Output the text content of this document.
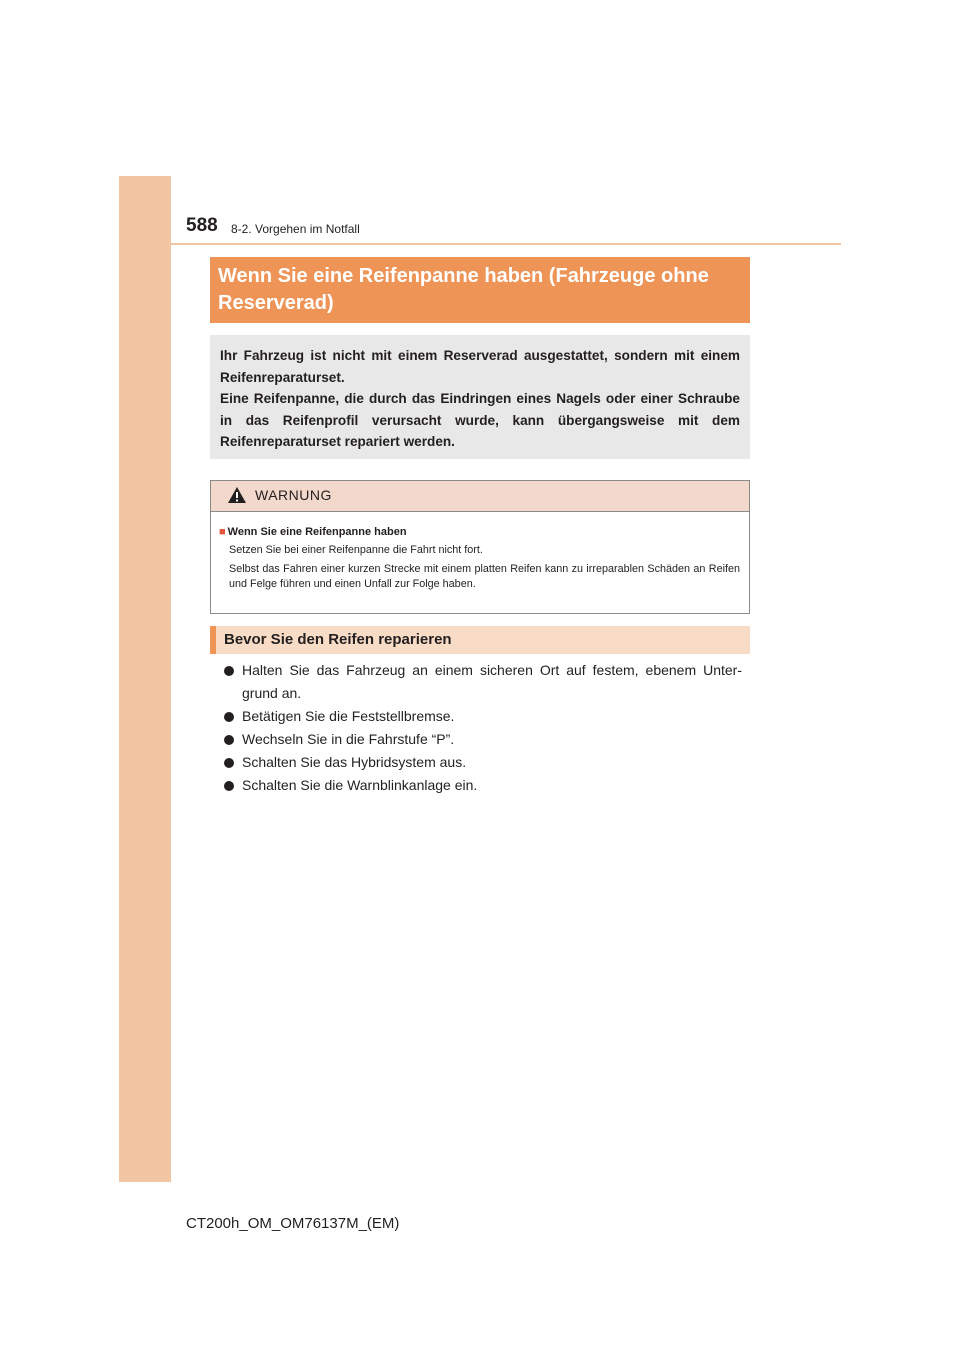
588 8-2. Vorgehen im Notfall
Wenn Sie eine Reifenpanne haben (Fahrzeuge ohne Reserverad)

Ihr Fahrzeug ist nicht mit einem Reserverad ausgestattet, sondern mit einem Reifenreparaturset.

Eine Reifenpanne, die durch das Eindringen eines Nagels oder einer Schraube in das Reifenprofil verursacht wurde, kann übergangsweise mit dem Reifenreparaturset repariert werden.

WARNUNG
■ Wenn Sie eine Reifenpanne haben

Setzen Sie bei einer Reifenpanne die Fahrt nicht fort.

Selbst das Fahren einer kurzen Strecke mit einem platten Reifen kann zu irreparablen Schäden an Reifen und Felge führen und einen Unfall zur Folge haben.

Bevor Sie den Reifen reparieren
Halten Sie das Fahrzeug an einem sicheren Ort auf festem, ebenem Unter- grund an.
Betätigen Sie die Feststellbremse.
Wechseln Sie in die Fahrstufe “P”.
Schalten Sie das Hybridsystem aus.
Schalten Sie die Warnblinkanlage ein.
CT200h_OM_OM76137M_(EM)
